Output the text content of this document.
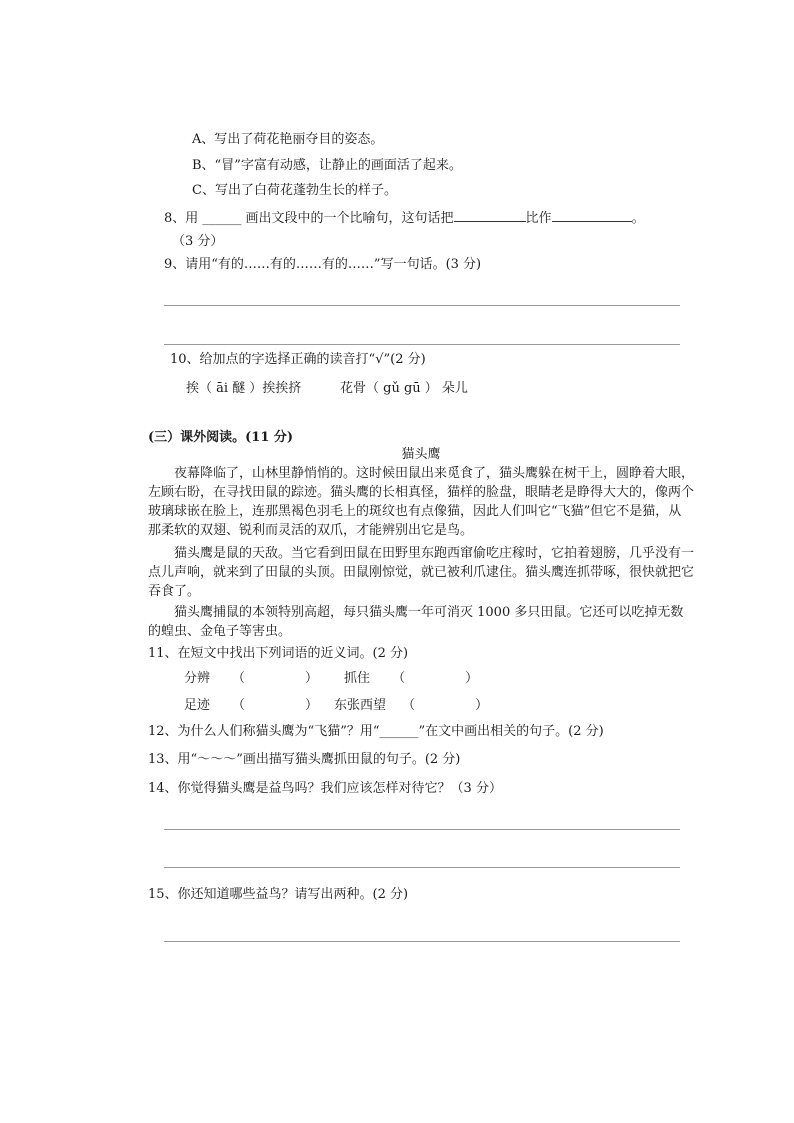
A、写出了荷花艳丽夺目的姿态。
B、“冒”字富有动感，让静止的画面活了起来。
C、写出了白荷花蓬勃生长的样子。
8、用 ______ 画出文段中的一个比喻句，这句话把	比作	。
（3 分）
9、请用“有的……有的……有的……”写一句话。(3 分)
10、给加点的字选择正确的读音打“√”(2 分)
挨（ āi 醚 ）挨挨挤	花骨（ gǔ gū ） 朵儿
(三）课外阅读。(11 分)
猫头鹰
夜幕降临了，山林里静悄悄的。这时候田鼠出来觅食了，猫头鹰躲在树干上，圆睁着大眼，左顾右盼，在寻找田鼠的踪迹。猫头鹰的长相真怪，猫样的脸盘，眼睛老是睁得大大的，像两个玻璃球嵌在脸上，连那黑褐色羽毛上的斑纹也有点像猫，因此人们叫它“飞猫”但它不是猫，从那柔软的双翅、锐利而灵活的双爪，才能辨别出它是鸟。
猫头鹰是鼠的天敌。当它看到田鼠在田野里东跑西窜偷吃庄稼时，它拍着翅膀，几乎没有一点儿声响，就来到了田鼠的头顶。田鼠刚惊觉，就已被利爪逮住。猫头鹰连抓带啄，很快就把它吞食了。
猫头鹰捕鼠的本领特别高超，每只猫头鹰一年可消灭 1000 多只田鼠。它还可以吃掉无数的蝗虫、金龟子等害虫。
11、在短文中找出下列词语的近义词。(2 分)
分辨 （	） 抓住 （	）
足迹 （	） 东张西望 （	）
12、为什么人们称猫头鹰为“飞猫”？用“______”在文中画出相关的句子。(2 分)
13、用“～～～”画出描写猫头鹰抓田鼠的句子。(2 分)
14、你觉得猫头鹰是益鸟吗？我们应该怎样对待它？（3 分）
15、你还知道哪些益鸟？请写出两种。(2 分)
